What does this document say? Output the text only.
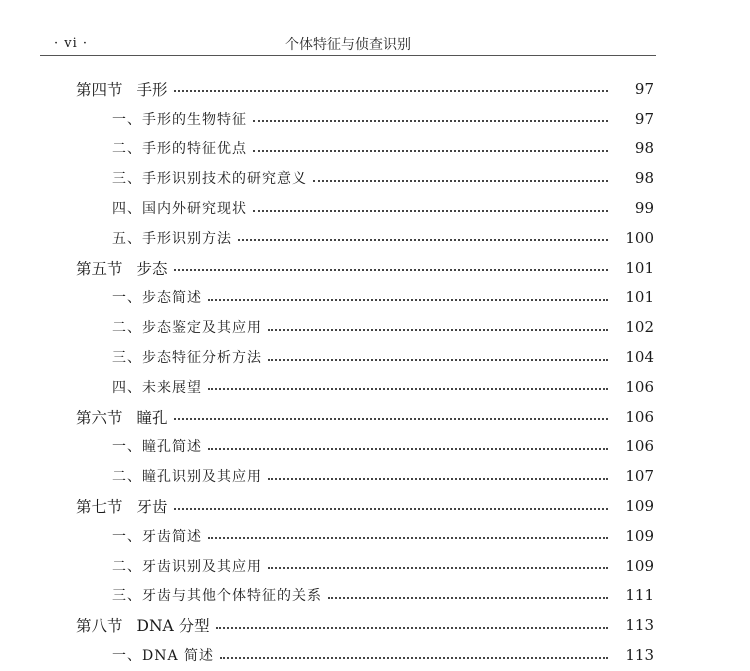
· vi ·	个体特征与侦查识别
第四节 手形	97
一、手形的生物特征	97
二、手形的特征优点	98
三、手形识别技术的研究意义	98
四、国内外研究现状	99
五、手形识别方法	100
第五节 步态	101
一、步态简述	101
二、步态鉴定及其应用	102
三、步态特征分析方法	104
四、未来展望	106
第六节 瞳孔	106
一、瞳孔简述	106
二、瞳孔识别及其应用	107
第七节 牙齿	109
一、牙齿简述	109
二、牙齿识别及其应用	109
三、牙齿与其他个体特征的关系	111
第八节 DNA 分型	113
一、DNA 简述	113
